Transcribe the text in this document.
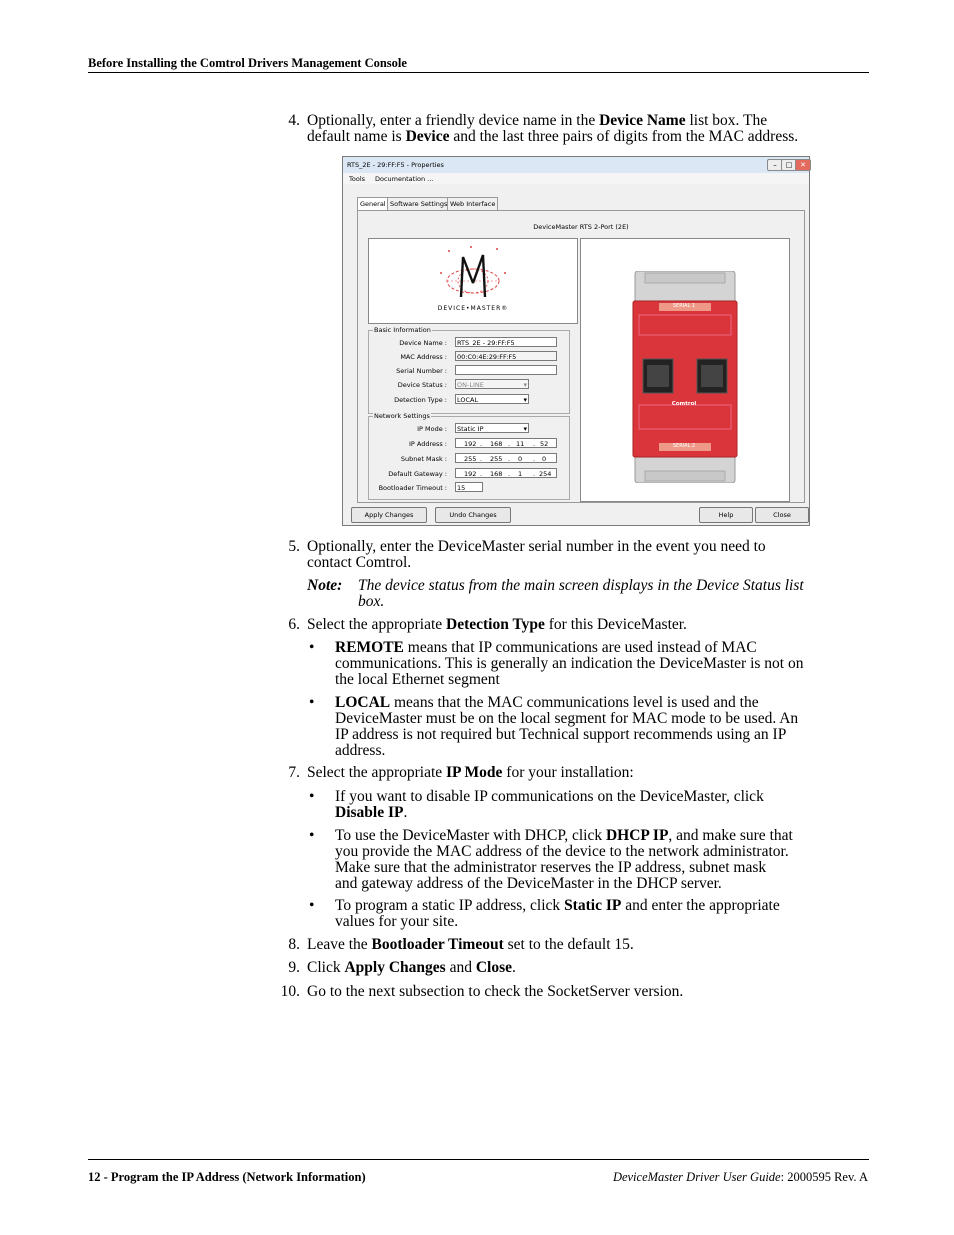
Before Installing the Comtrol Drivers Management Console
4. Optionally, enter a friendly device name in the Device Name list box. The
default name is Device and the last three pairs of digits from the MAC address.
RTS_2E - 29:FF:F5 - Properties	–	□	✕
Tools Documentation ...
General Software Settings Web Interface
DeviceMaster RTS 2-Port (2E)
DEVICE•MASTER®	SERIAL 1
SERIAL 2
Comtrol
Basic Information
Device Name :	RTS_2E - 29:FF:F5
MAC Address :	00:C0:4E:29:FF:F5
Serial Number :
Device Status :	ON-LINE ▾
Detection Type :	LOCAL ▾
Network Settings
IP Mode :	Static IP ▾
IP Address :	192 . 168 . 11 . 52
Subnet Mask :	255 . 255 . 0 . 0
Default Gateway :	192 . 168 . 1 . 254
Bootloader Timeout :	15
Apply Changes	Undo Changes	Help	Close
5. Optionally, enter the DeviceMaster serial number in the event you need to
contact Comtrol.
Note: The device status from the main screen displays in the Device Status list
box.
6. Select the appropriate Detection Type for this DeviceMaster.
• REMOTE means that IP communications are used instead of MAC
communications. This is generally an indication the DeviceMaster is not on
the local Ethernet segment
• LOCAL means that the MAC communications level is used and the
DeviceMaster must be on the local segment for MAC mode to be used. An
IP address is not required but Technical support recommends using an IP
address.
7. Select the appropriate IP Mode for your installation:
• If you want to disable IP communications on the DeviceMaster, click
Disable IP.
• To use the DeviceMaster with DHCP, click DHCP IP, and make sure that
you provide the MAC address of the device to the network administrator.
Make sure that the administrator reserves the IP address, subnet mask
and gateway address of the DeviceMaster in the DHCP server.
• To program a static IP address, click Static IP and enter the appropriate
values for your site.
8. Leave the Bootloader Timeout set to the default 15.
9. Click Apply Changes and Close.
10. Go to the next subsection to check the SocketServer version.
12 - Program the IP Address (Network Information)	DeviceMaster Driver User Guide: 2000595 Rev. A
